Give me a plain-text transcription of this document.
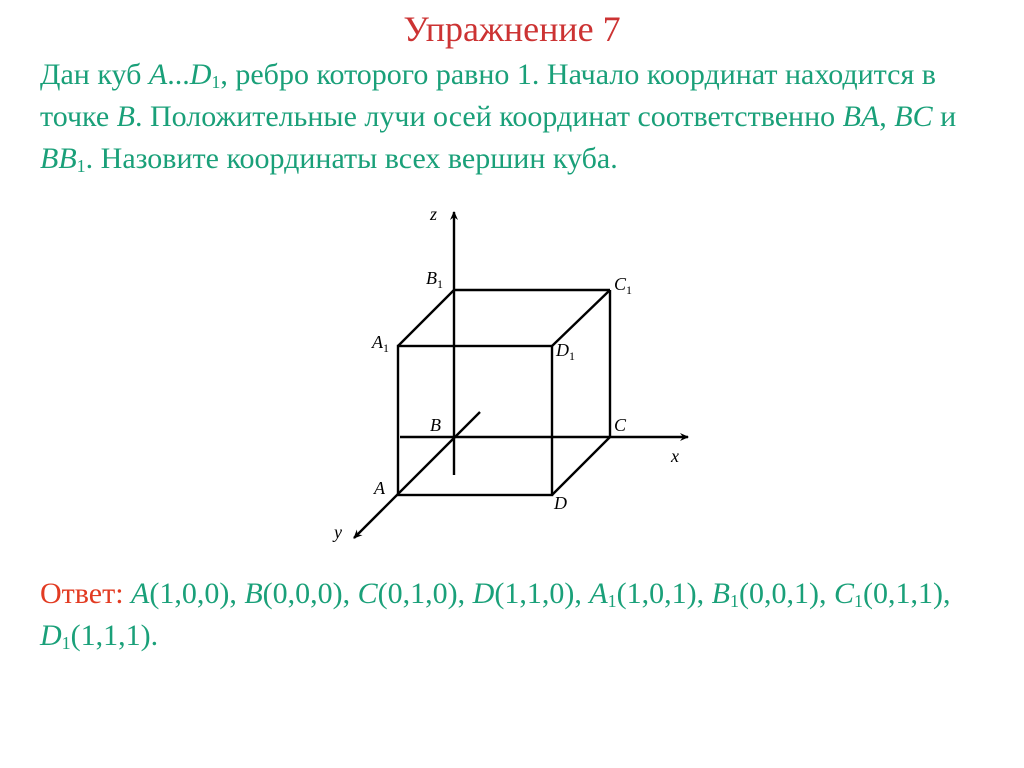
Упражнение 7
Дан куб $A...D_1$, ребро которого равно 1. Начало координат находится в точке B. Положительные лучи осей координат соответственно BA, BC и $BB_1$. Назовите координаты всех вершин куба.
z
x
y
$B_1$	$C_1$
$A_1$	$D_1$
B	C
A
D
Ответ: A(1,0,0), B(0,0,0), C(0,1,0), D(1,1,0), $A_1(1,0,1)$, $B_1(0,0,1)$, $C_1(0,1,1)$, $D_1(1,1,1)$.
